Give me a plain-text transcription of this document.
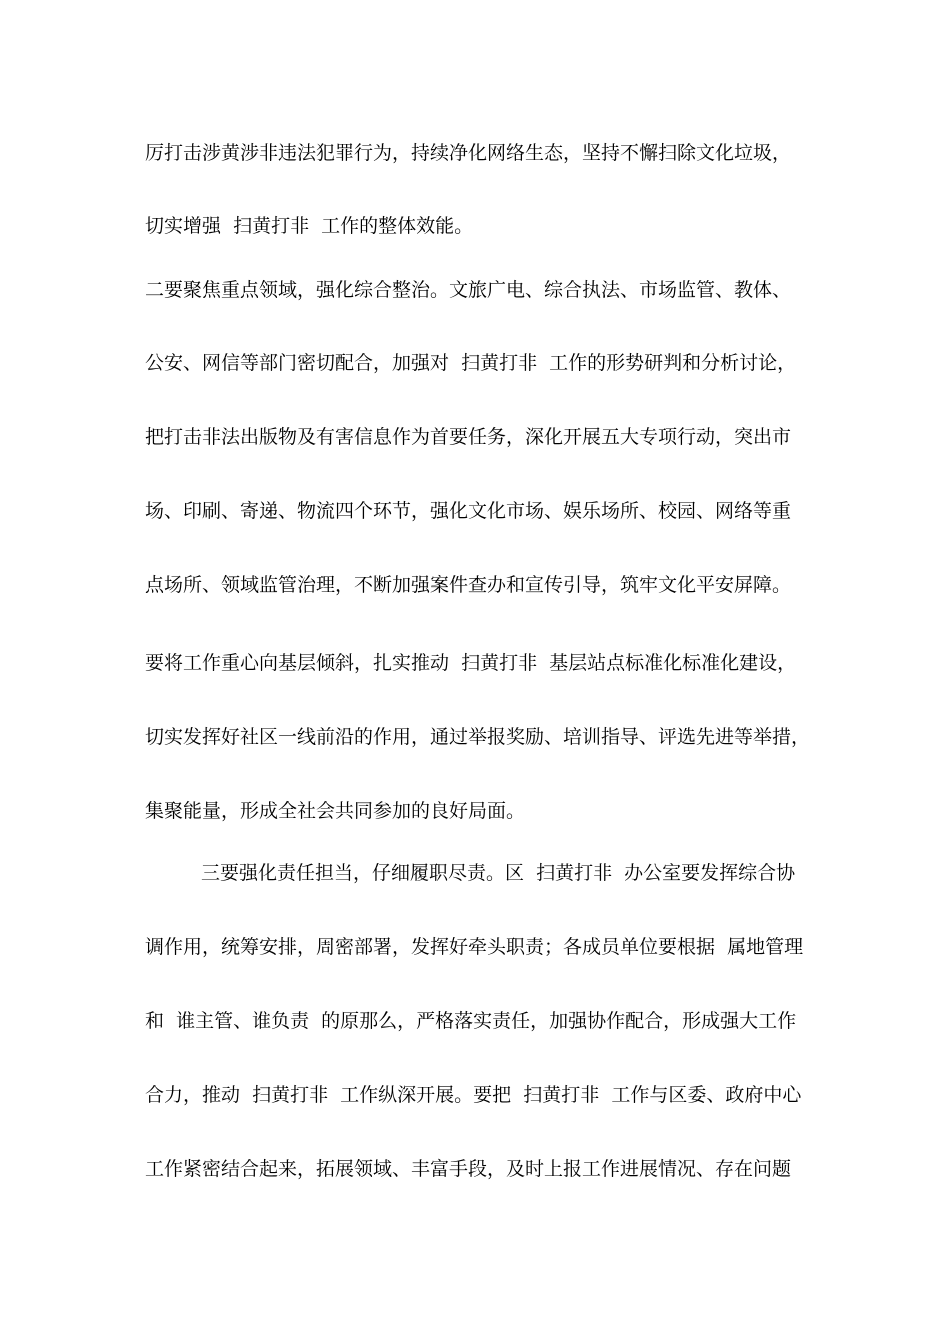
厉打击涉黄涉非违法犯罪行为，持续净化网络生态，坚持不懈扫除文化垃圾，
切实增强  扫黄打非  工作的整体效能。
二要聚焦重点领域，强化综合整治。文旅广电、综合执法、市场监管、教体、
公安、网信等部门密切配合，加强对  扫黄打非  工作的形势研判和分析讨论，
把打击非法出版物及有害信息作为首要任务，深化开展五大专项行动，突出市
场、印刷、寄递、物流四个环节，强化文化市场、娱乐场所、校园、网络等重
点场所、领域监管治理，不断加强案件查办和宣传引导，筑牢文化平安屏障。
要将工作重心向基层倾斜，扎实推动  扫黄打非  基层站点标准化标准化建设，
切实发挥好社区一线前沿的作用，通过举报奖励、培训指导、评选先进等举措，
集聚能量，形成全社会共同参加的良好局面。
三要强化责任担当，仔细履职尽责。区  扫黄打非  办公室要发挥综合协
调作用，统筹安排，周密部署，发挥好牵头职责；各成员单位要根据  属地管理
和  谁主管、谁负责  的原那么，严格落实责任，加强协作配合，形成强大工作
合力，推动  扫黄打非  工作纵深开展。要把  扫黄打非  工作与区委、政府中心
工作紧密结合起来，拓展领域、丰富手段，及时上报工作进展情况、存在问题
